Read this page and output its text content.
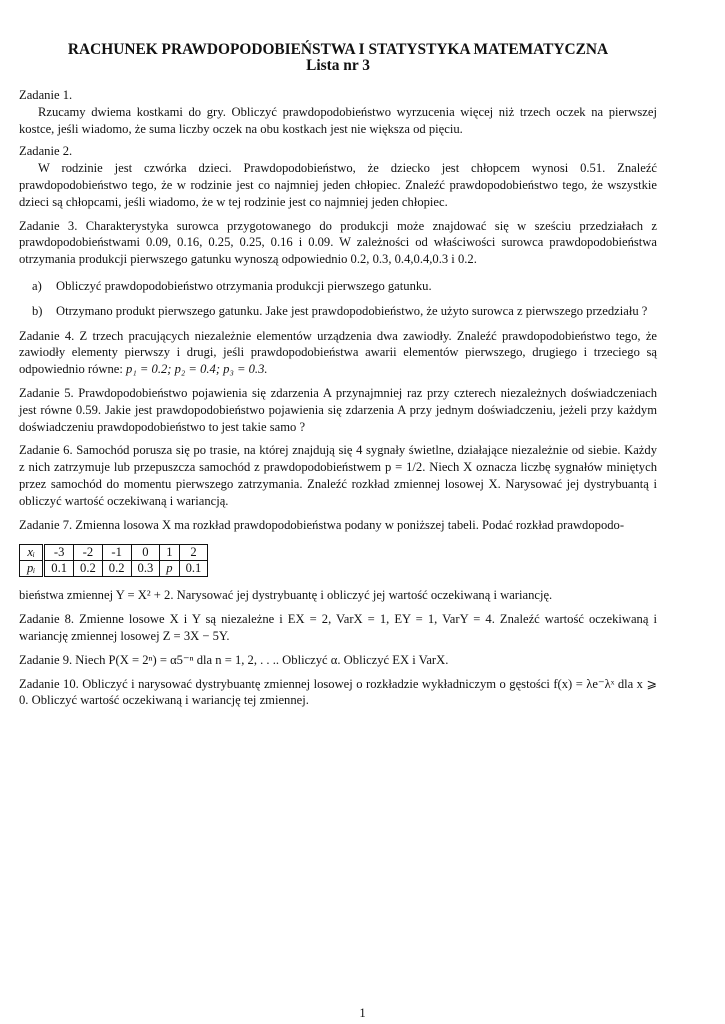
RACHUNEK PRAWDOPODOBIEŃSTWA I STATYSTYKA MATEMATYCZNA
Lista nr 3

Zadanie 1.

Rzucamy dwiema kostkami do gry. Obliczyć prawdopodobieństwo wyrzucenia więcej niż trzech oczek na pierwszej kostce, jeśli wiadomo, że suma liczby oczek na obu kostkach jest nie większa od pięciu.

Zadanie 2.

W rodzinie jest czwórka dzieci. Prawdopodobieństwo, że dziecko jest chłopcem wynosi 0.51. Znaleźć prawdopodobieństwo tego, że w rodzinie jest co najmniej jeden chłopiec. Znaleźć prawdopodobieństwo tego, że wszystkie dzieci są chłopcami, jeśli wiadomo, że w tej rodzinie jest co najmniej jeden chłopiec.

Zadanie 3. Charakterystyka surowca przygotowanego do produkcji może znajdować się w sześciu przedziałach z prawdopodobieństwami 0.09, 0.16, 0.25, 0.25, 0.16 i 0.09. W zależności od właściwości surowca prawdopodobieństwa otrzymania produkcji pierwszego gatunku wynoszą odpowiednio 0.2, 0.3, 0.4,0.4,0.3 i 0.2.

a) Obliczyć prawdopodobieństwo otrzymania produkcji pierwszego gatunku.
b) Otrzymano produkt pierwszego gatunku. Jake jest prawdopodobieństwo, że użyto surowca z pierwszego przedziału ?

Zadanie 4. Z trzech pracujących niezależnie elementów urządzenia dwa zawiodły. Znaleźć prawdopodobieństwo tego, że zawiodły elementy pierwszy i drugi, jeśli prawdopodobieństwa awarii elementów pierwszego, drugiego i trzeciego są odpowiednio równe: p₁ = 0.2; p₂ = 0.4; p₃ = 0.3.

Zadanie 5. Prawdopodobieństwo pojawienia się zdarzenia A przynajmniej raz przy czterech niezależnych doświadczeniach jest równe 0.59. Jakie jest prawdopodobieństwo pojawienia się zdarzenia A przy jednym doświadczeniu, jeżeli przy każdym doświadczeniu prawdopodobieństwo to jest takie samo ?

Zadanie 6. Samochód porusza się po trasie, na której znajdują się 4 sygnały świetlne, działające niezależnie od siebie. Każdy z nich zatrzymuje lub przepuszcza samochód z prawdopodobieństwem p = 1/2. Niech X oznacza liczbę sygnałów miniętych przez samochód do momentu pierwszego zatrzymania. Znaleźć rozkład zmiennej losowej X. Narysować jej dystrybuantą i obliczyć wartość oczekiwaną i wariancją.

Zadanie 7. Zmienna losowa X ma rozkład prawdopodobieństwa podany w poniższej tabeli. Podać rozkład prawdopodo-

xᵢ	-3	-2	-1	0	1	2
pᵢ	0.1	0.2	0.2	0.3	p	0.1

bieństwa zmiennej Y = X² + 2. Narysować jej dystrybuantę i obliczyć jej wartość oczekiwaną i wariancję.

Zadanie 8. Zmienne losowe X i Y są niezależne i EX = 2, VarX = 1, EY = 1, VarY = 4. Znaleźć wartość oczekiwaną i wariancję zmiennej losowej Z = 3X − 5Y.

Zadanie 9. Niech P(X = 2ⁿ) = α5⁻ⁿ dla n = 1, 2, . . .. Obliczyć α. Obliczyć EX i VarX.

Zadanie 10. Obliczyć i narysować dystrybuantę zmiennej losowej o rozkładzie wykładniczym o gęstości f(x) = λe⁻λˣ dla x ⩾ 0. Obliczyć wartość oczekiwaną i wariancję tej zmiennej.

1
